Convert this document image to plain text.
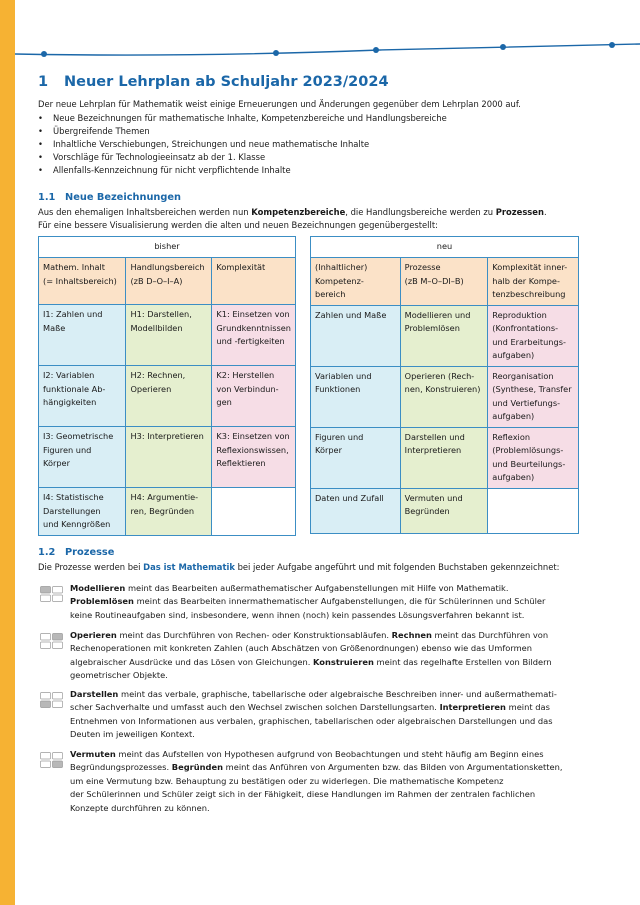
1 Neuer Lehrplan ab Schuljahr 2023/2024
Der neue Lehrplan für Mathematik weist einige Erneuerungen und Änderungen gegenüber dem Lehrplan 2000 auf.
• Neue Bezeichnungen für mathematische Inhalte, Kompetenzbereiche und Handlungsbereiche
• Übergreifende Themen
• Inhaltliche Verschiebungen, Streichungen und neue mathematische Inhalte
• Vorschläge für Technologieeinsatz ab der 1. Klasse
• Allenfalls-Kennzeichnung für nicht verpflichtende Inhalte
1.1 Neue Bezeichnungen
Aus den ehemaligen Inhaltsbereichen werden nun Kompetenzbereiche, die Handlungsbereiche werden zu Prozessen.
Für eine bessere Visualisierung werden die alten und neuen Bezeichnungen gegenübergestellt:
bisher		
Mathem. Inhalt
(= Inhaltsbereich)	Handlungsbereich
(zB D–O–I–A)	Komplexität
I1: Zahlen und
Maße	H1: Darstellen,
Modellbilden	K1: Einsetzen von
Grundkenntnissen
und -fertigkeiten
I2: Variablen
funktionale Ab-
hängigkeiten	H2: Rechnen,
Operieren	K2: Herstellen
von Verbindun-
gen
I3: Geometrische
Figuren und
Körper	H3: Interpretieren	K3: Einsetzen von
Reflexionswissen,
Reflektieren
I4: Statistische
Darstellungen
und Kenngrößen	H4: Argumentie-
ren, Begründen	
neu		
(Inhaltlicher)
Kompetenz-
bereich	Prozesse
(zB M–O–DI–B)	Komplexität inner-
halb der Kompe-
tenzbeschreibung
Zahlen und Maße	Modellieren und
Problemlösen	Reproduktion
(Konfrontations-
und Erarbeitungs-
aufgaben)
Variablen und
Funktionen	Operieren (Rech-
nen, Konstruieren)	Reorganisation
(Synthese, Transfer
und Vertiefungs-
aufgaben)
Figuren und
Körper	Darstellen und
Interpretieren	Reflexion
(Problemlösungs-
und Beurteilungs-
aufgaben)
Daten und Zufall	Vermuten und
Begründen	
1.2 Prozesse
Die Prozesse werden bei Das ist Mathematik bei jeder Aufgabe angeführt und mit folgenden Buchstaben gekennzeichnet:
Modellieren meint das Bearbeiten außermathematischer Aufgabenstellungen mit Hilfe von Mathematik.
Problemlösen meint das Bearbeiten innermathematischer Aufgabenstellungen, die für Schülerinnen und Schüler
keine Routineaufgaben sind, insbesondere, wenn ihnen (noch) kein passendes Lösungsverfahren bekannt ist.
Operieren meint das Durchführen von Rechen- oder Konstruktionsabläufen. Rechnen meint das Durchführen von
Rechenoperationen mit konkreten Zahlen (auch Abschätzen von Größenordnungen) ebenso wie das Umformen
algebraischer Ausdrücke und das Lösen von Gleichungen. Konstruieren meint das regelhafte Erstellen von Bildern
geometrischer Objekte.
Darstellen meint das verbale, graphische, tabellarische oder algebraische Beschreiben inner- und außermathemati-
scher Sachverhalte und umfasst auch den Wechsel zwischen solchen Darstellungsarten. Interpretieren meint das
Entnehmen von Informationen aus verbalen, graphischen, tabellarischen oder algebraischen Darstellungen und das
Deuten im jeweiligen Kontext.
Vermuten meint das Aufstellen von Hypothesen aufgrund von Beobachtungen und steht häufig am Beginn eines
Begründungsprozesses. Begründen meint das Anführen von Argumenten bzw. das Bilden von Argumentationsketten,
um eine Vermutung bzw. Behauptung zu bestätigen oder zu widerlegen. Die mathematische Kompetenz
der Schülerinnen und Schüler zeigt sich in der Fähigkeit, diese Handlungen im Rahmen der zentralen fachlichen
Konzepte durchführen zu können.
